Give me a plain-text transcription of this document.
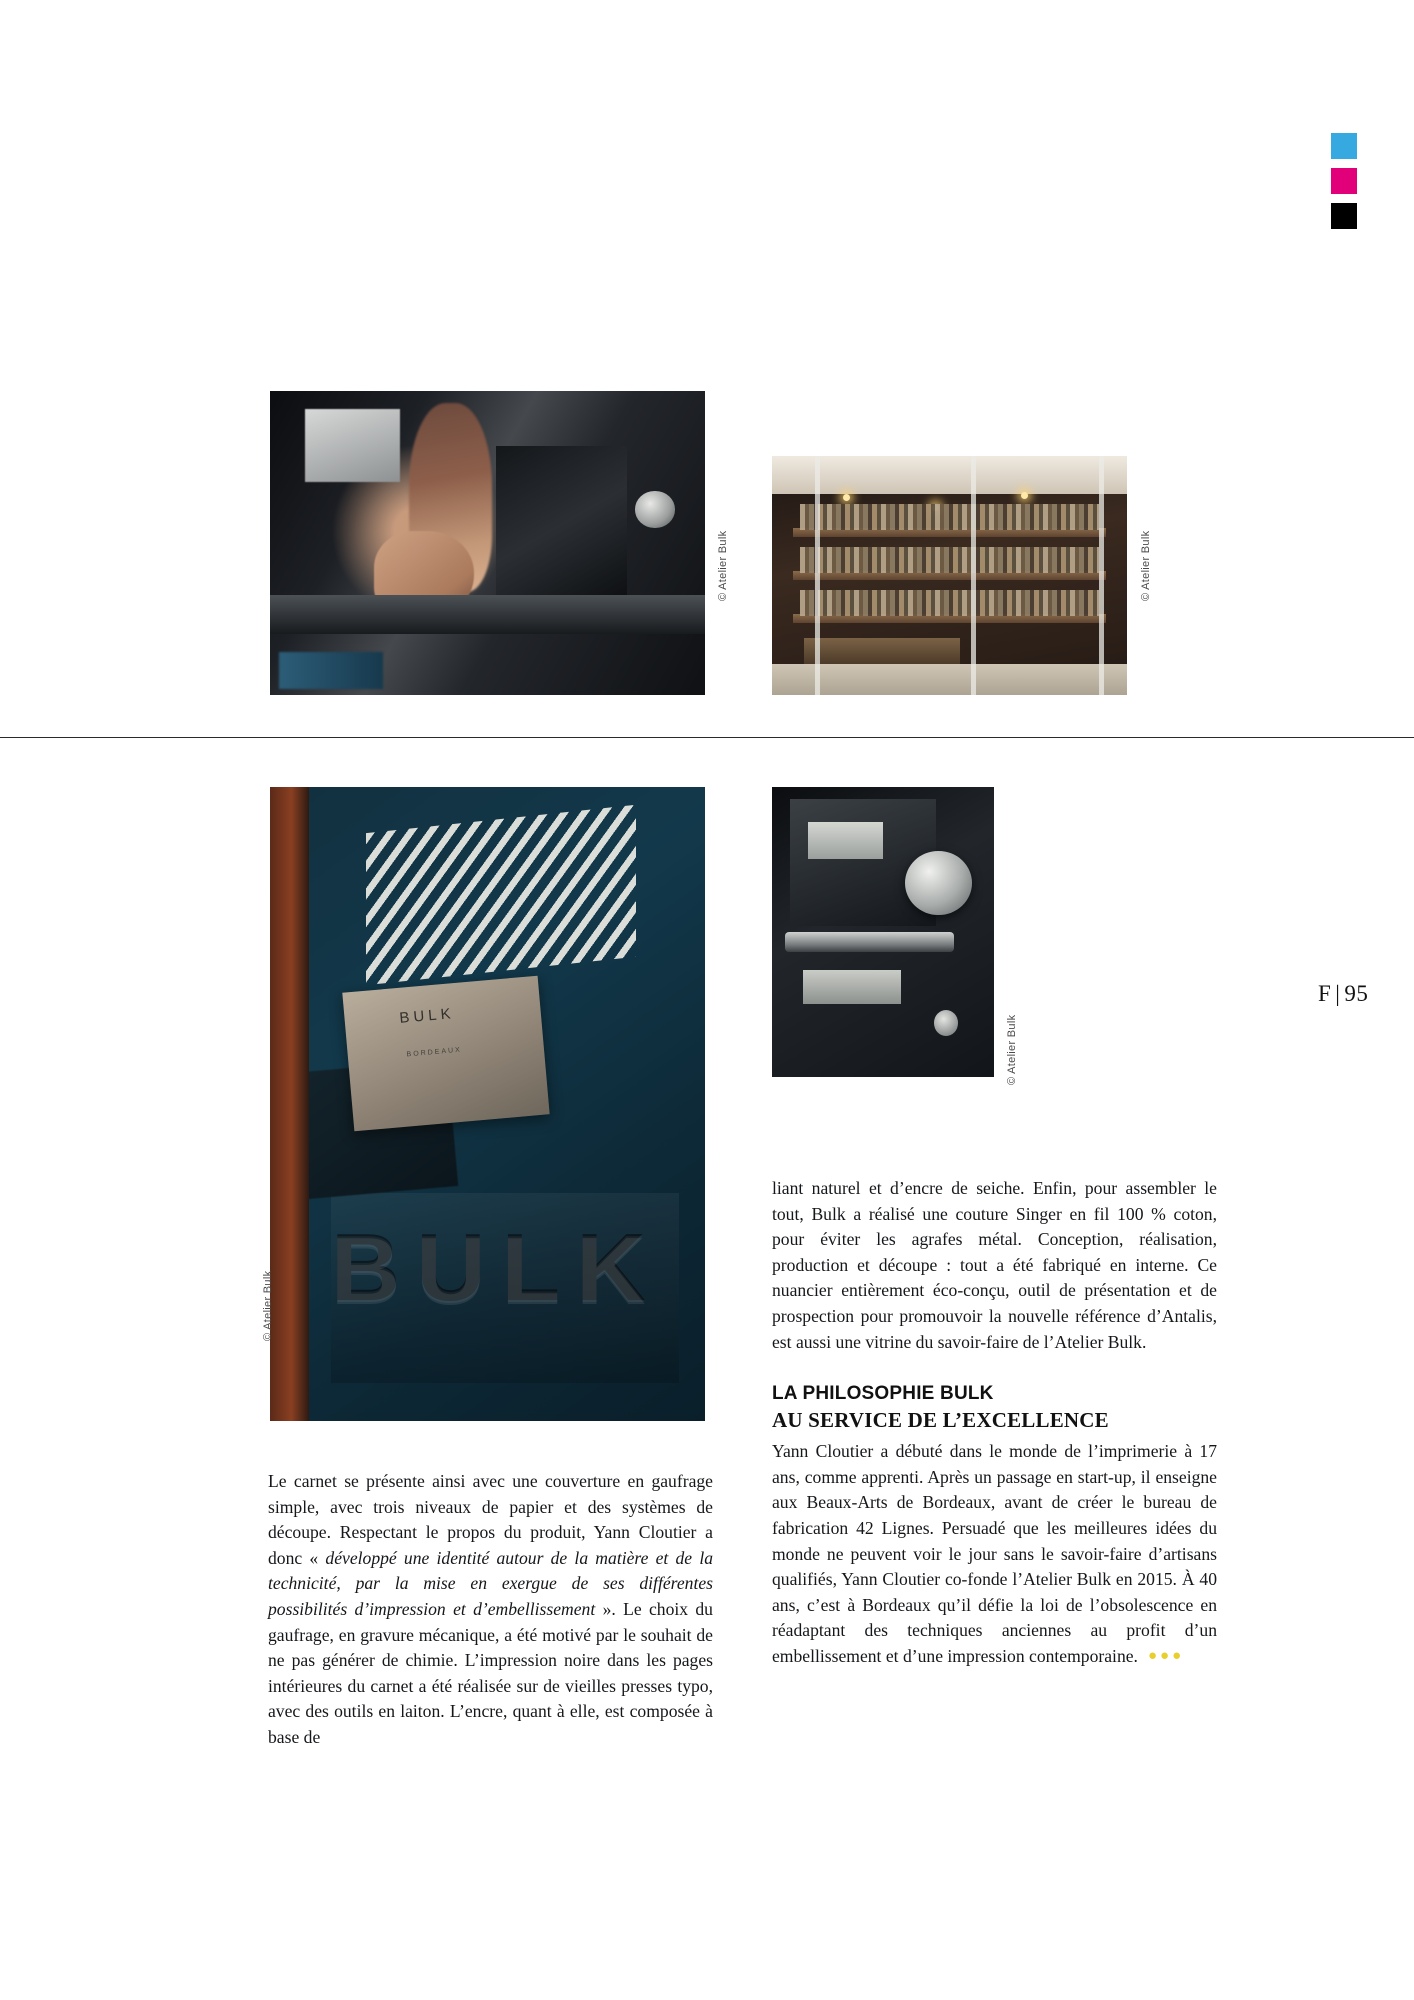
F | 95
© Atelier Bulk	© Atelier Bulk
BULK
BULK
BORDEAUX
© Atelier Bulk
© Atelier Bulk

Le carnet se présente ainsi avec une couverture en gaufrage simple, avec trois niveaux de papier et des systèmes de découpe. Respectant le propos du produit, Yann Cloutier a donc « développé une identité autour de la matière et de la technicité, par la mise en exergue de ses différentes possibilités d’impression et d’embellissement ». Le choix du gaufrage, en gravure mécanique, a été motivé par le souhait de ne pas générer de chimie. L’impression noire dans les pages intérieures du carnet a été réalisée sur de vieilles presses typo, avec des outils en laiton. L’encre, quant à elle, est composée à base de

liant naturel et d’encre de seiche. Enfin, pour assembler le tout, Bulk a réalisé une couture Singer en fil 100 % coton, pour éviter les agrafes métal. Conception, réalisation, production et découpe : tout a été fabriqué en interne. Ce nuancier entièrement éco-conçu, outil de présentation et de prospection pour promouvoir la nouvelle référence d’Antalis, est aussi une vitrine du savoir-faire de l’Atelier Bulk.

LA PHILOSOPHIE BULK
AU SERVICE DE L’EXCELLENCE

Yann Cloutier a débuté dans le monde de l’imprimerie à 17 ans, comme apprenti. Après un passage en start-up, il enseigne aux Beaux-Arts de Bordeaux, avant de créer le bureau de fabrication 42 Lignes. Persuadé que les meilleures idées du monde ne peuvent voir le jour sans le savoir-faire d’artisans qualifiés, Yann Cloutier co-fonde l’Atelier Bulk en 2015. À 40 ans, c’est à Bordeaux qu’il défie la loi de l’obsolescence en réadaptant des techniques anciennes au profit d’un embellissement et d’une impression contemporaine. ●●●
